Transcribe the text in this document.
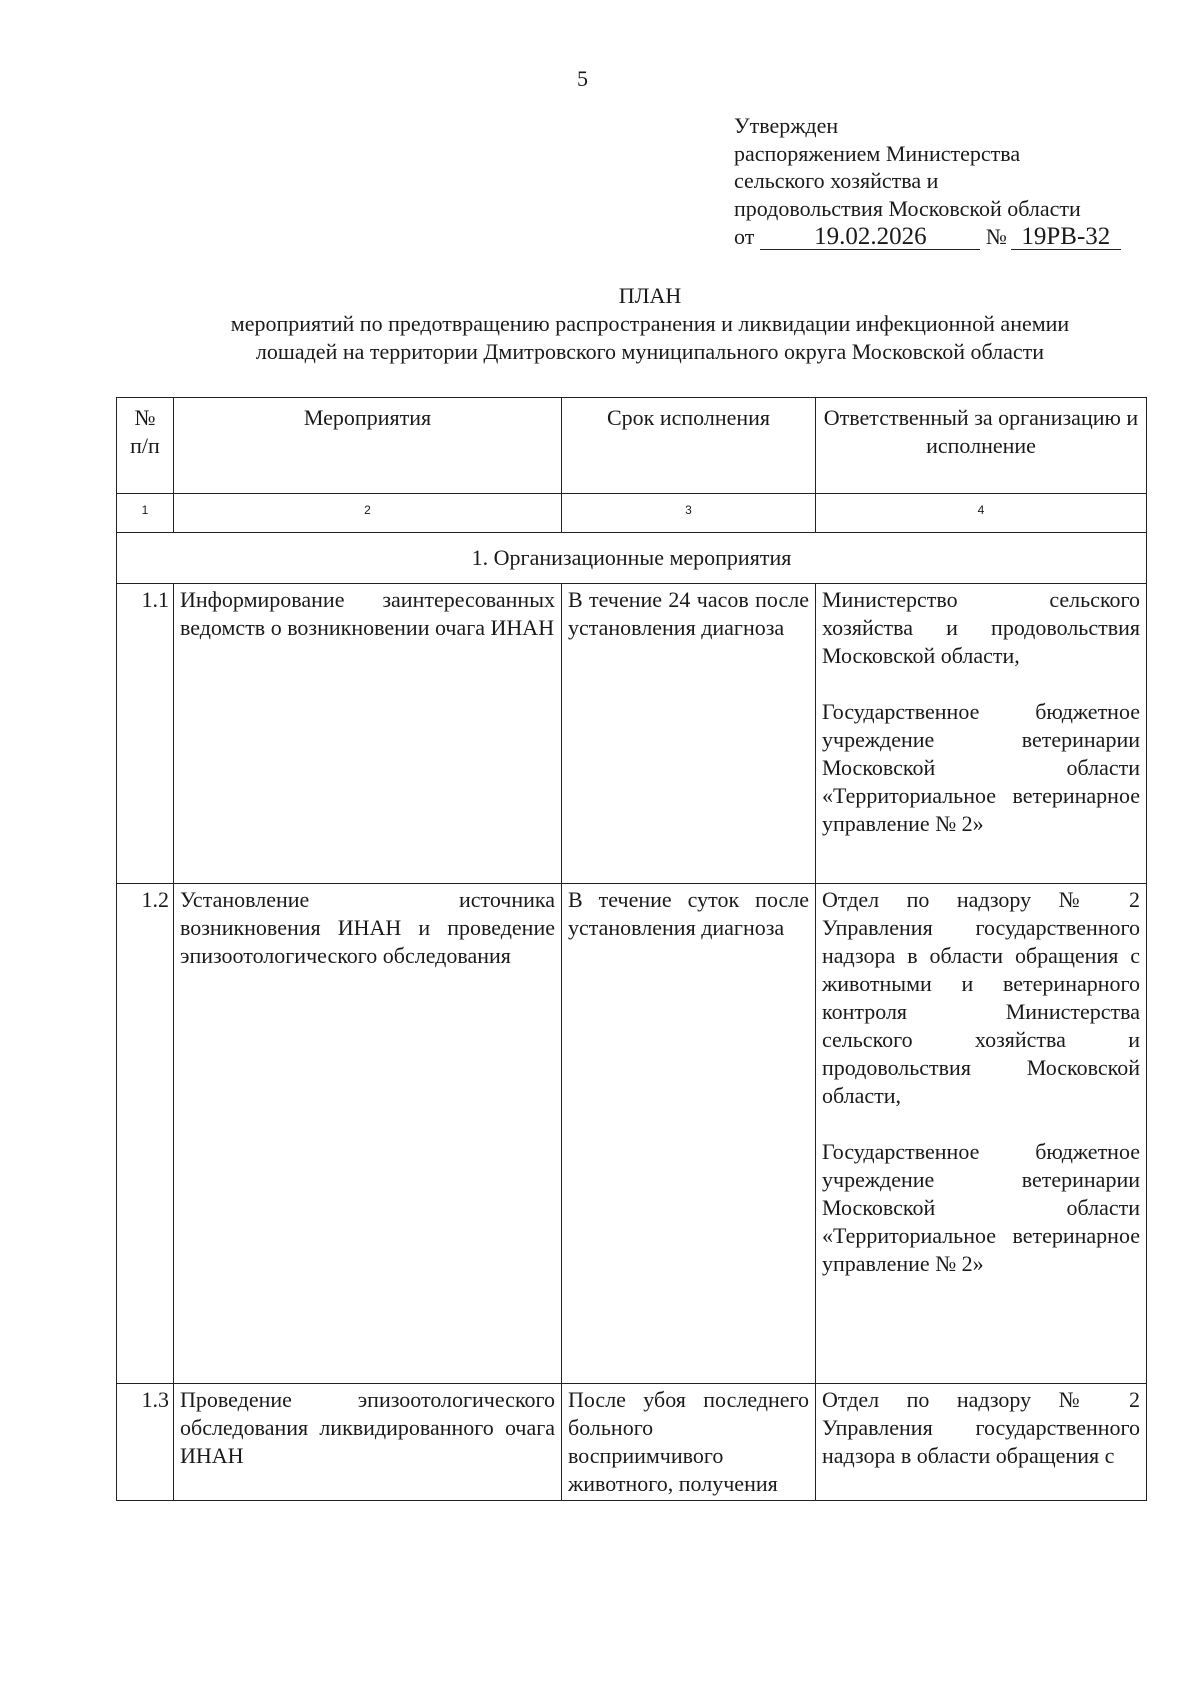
5
Утвержден
распоряжением Министерства
сельского хозяйства и
продовольствия Московской области
от 19.02.2026	№ 19РВ-32
ПЛАН
мероприятий по предотвращению распространения и ликвидации инфекционной анемии
лошадей на территории Дмитровского муниципального округа Московской области
№ п/п	Мероприятия	Срок исполнения	Ответственный за организацию и исполнение
1	2	3	4
1. Организационные мероприятия			
1.1	Информирование заинтересованных ведомств о возникновении очага ИНАН	В течение 24 часов после установления диагноза	Министерство сельского хозяйства и продовольствия Московской области,

Государственное бюджетное учреждение ветеринарии Московской области «Территориальное ветеринарное управление № 2»

1.2	Установление источника возникновения ИНАН и проведение эпизоотологического обследования	В течение суток после установления диагноза	Отдел по надзору № 2 Управления государственного надзора в области обращения с животными и ветеринарного контроля Министерства сельского хозяйства и продовольствия Московской области,

Государственное бюджетное учреждение ветеринарии Московской области «Территориальное ветеринарное управление № 2»

1.3	Проведение эпизоотологического обследования ликвидированного очага ИНАН	После убоя последнего больного восприимчивого животного, получения	Отдел по надзору № 2 Управления государственного надзора в области обращения с
